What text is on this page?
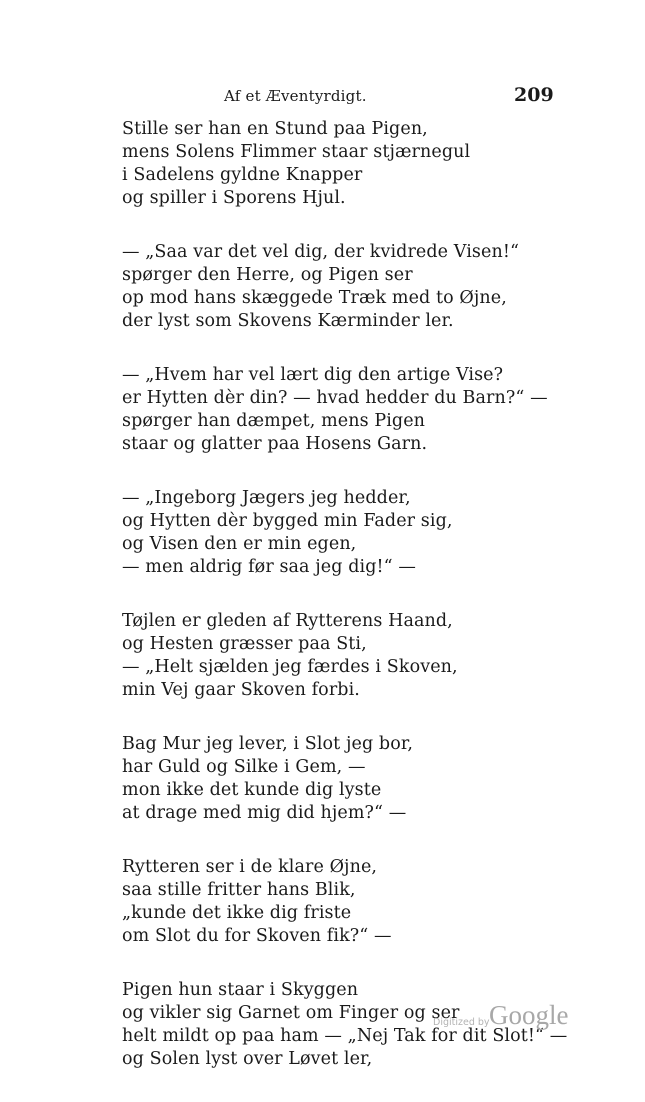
Af et Æventyrdigt.	209
Stille ser han en Stund paa Pigen,
mens Solens Flimmer staar stjærnegul
i Sadelens gyldne Knapper
og spiller i Sporens Hjul.
— „Saa var det vel dig, der kvidrede Visen!“
spørger den Herre, og Pigen ser
op mod hans skæggede Træk med to Øjne,
der lyst som Skovens Kærminder ler.
— „Hvem har vel lært dig den artige Vise?
er Hytten dèr din? — hvad hedder du Barn?“ —
spørger han dæmpet, mens Pigen
staar og glatter paa Hosens Garn.
— „Ingeborg Jægers jeg hedder,
og Hytten dèr bygged min Fader sig,
og Visen den er min egen,
— men aldrig før saa jeg dig!“ —
Tøjlen er gleden af Rytterens Haand,
og Hesten græsser paa Sti,
— „Helt sjælden jeg færdes i Skoven,
min Vej gaar Skoven forbi.
Bag Mur jeg lever, i Slot jeg bor,
har Guld og Silke i Gem, —
mon ikke det kunde dig lyste
at drage med mig did hjem?“ —
Rytteren ser i de klare Øjne,
saa stille fritter hans Blik,
„kunde det ikke dig friste
om Slot du for Skoven fik?“ —
Pigen hun staar i Skyggen
og vikler sig Garnet om Finger og ser
helt mildt op paa ham — „Nej Tak for dit Slot!“ —
og Solen lyst over Løvet ler,
Digitized by Google
